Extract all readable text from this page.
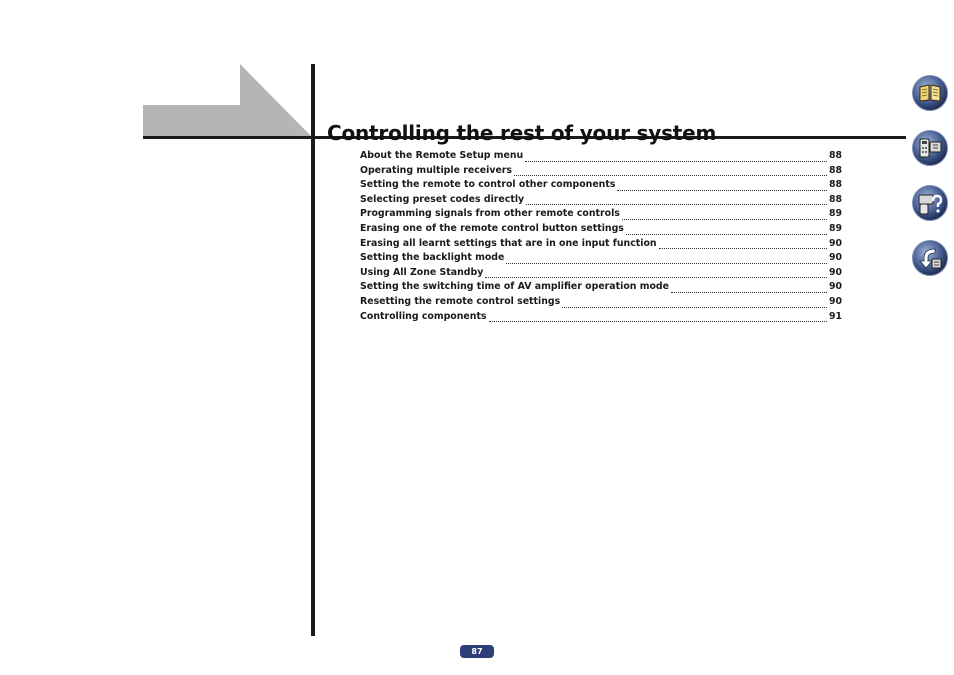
Controlling the rest of your system
About the Remote Setup menu	88
Operating multiple receivers	88
Setting the remote to control other components	88
Selecting preset codes directly	88
Programming signals from other remote controls	89
Erasing one of the remote control button settings	89
Erasing all learnt settings that are in one input function	90
Setting the backlight mode	90
Using All Zone Standby	90
Setting the switching time of AV amplifier operation mode	90
Resetting the remote control settings	90
Controlling components	91
87
